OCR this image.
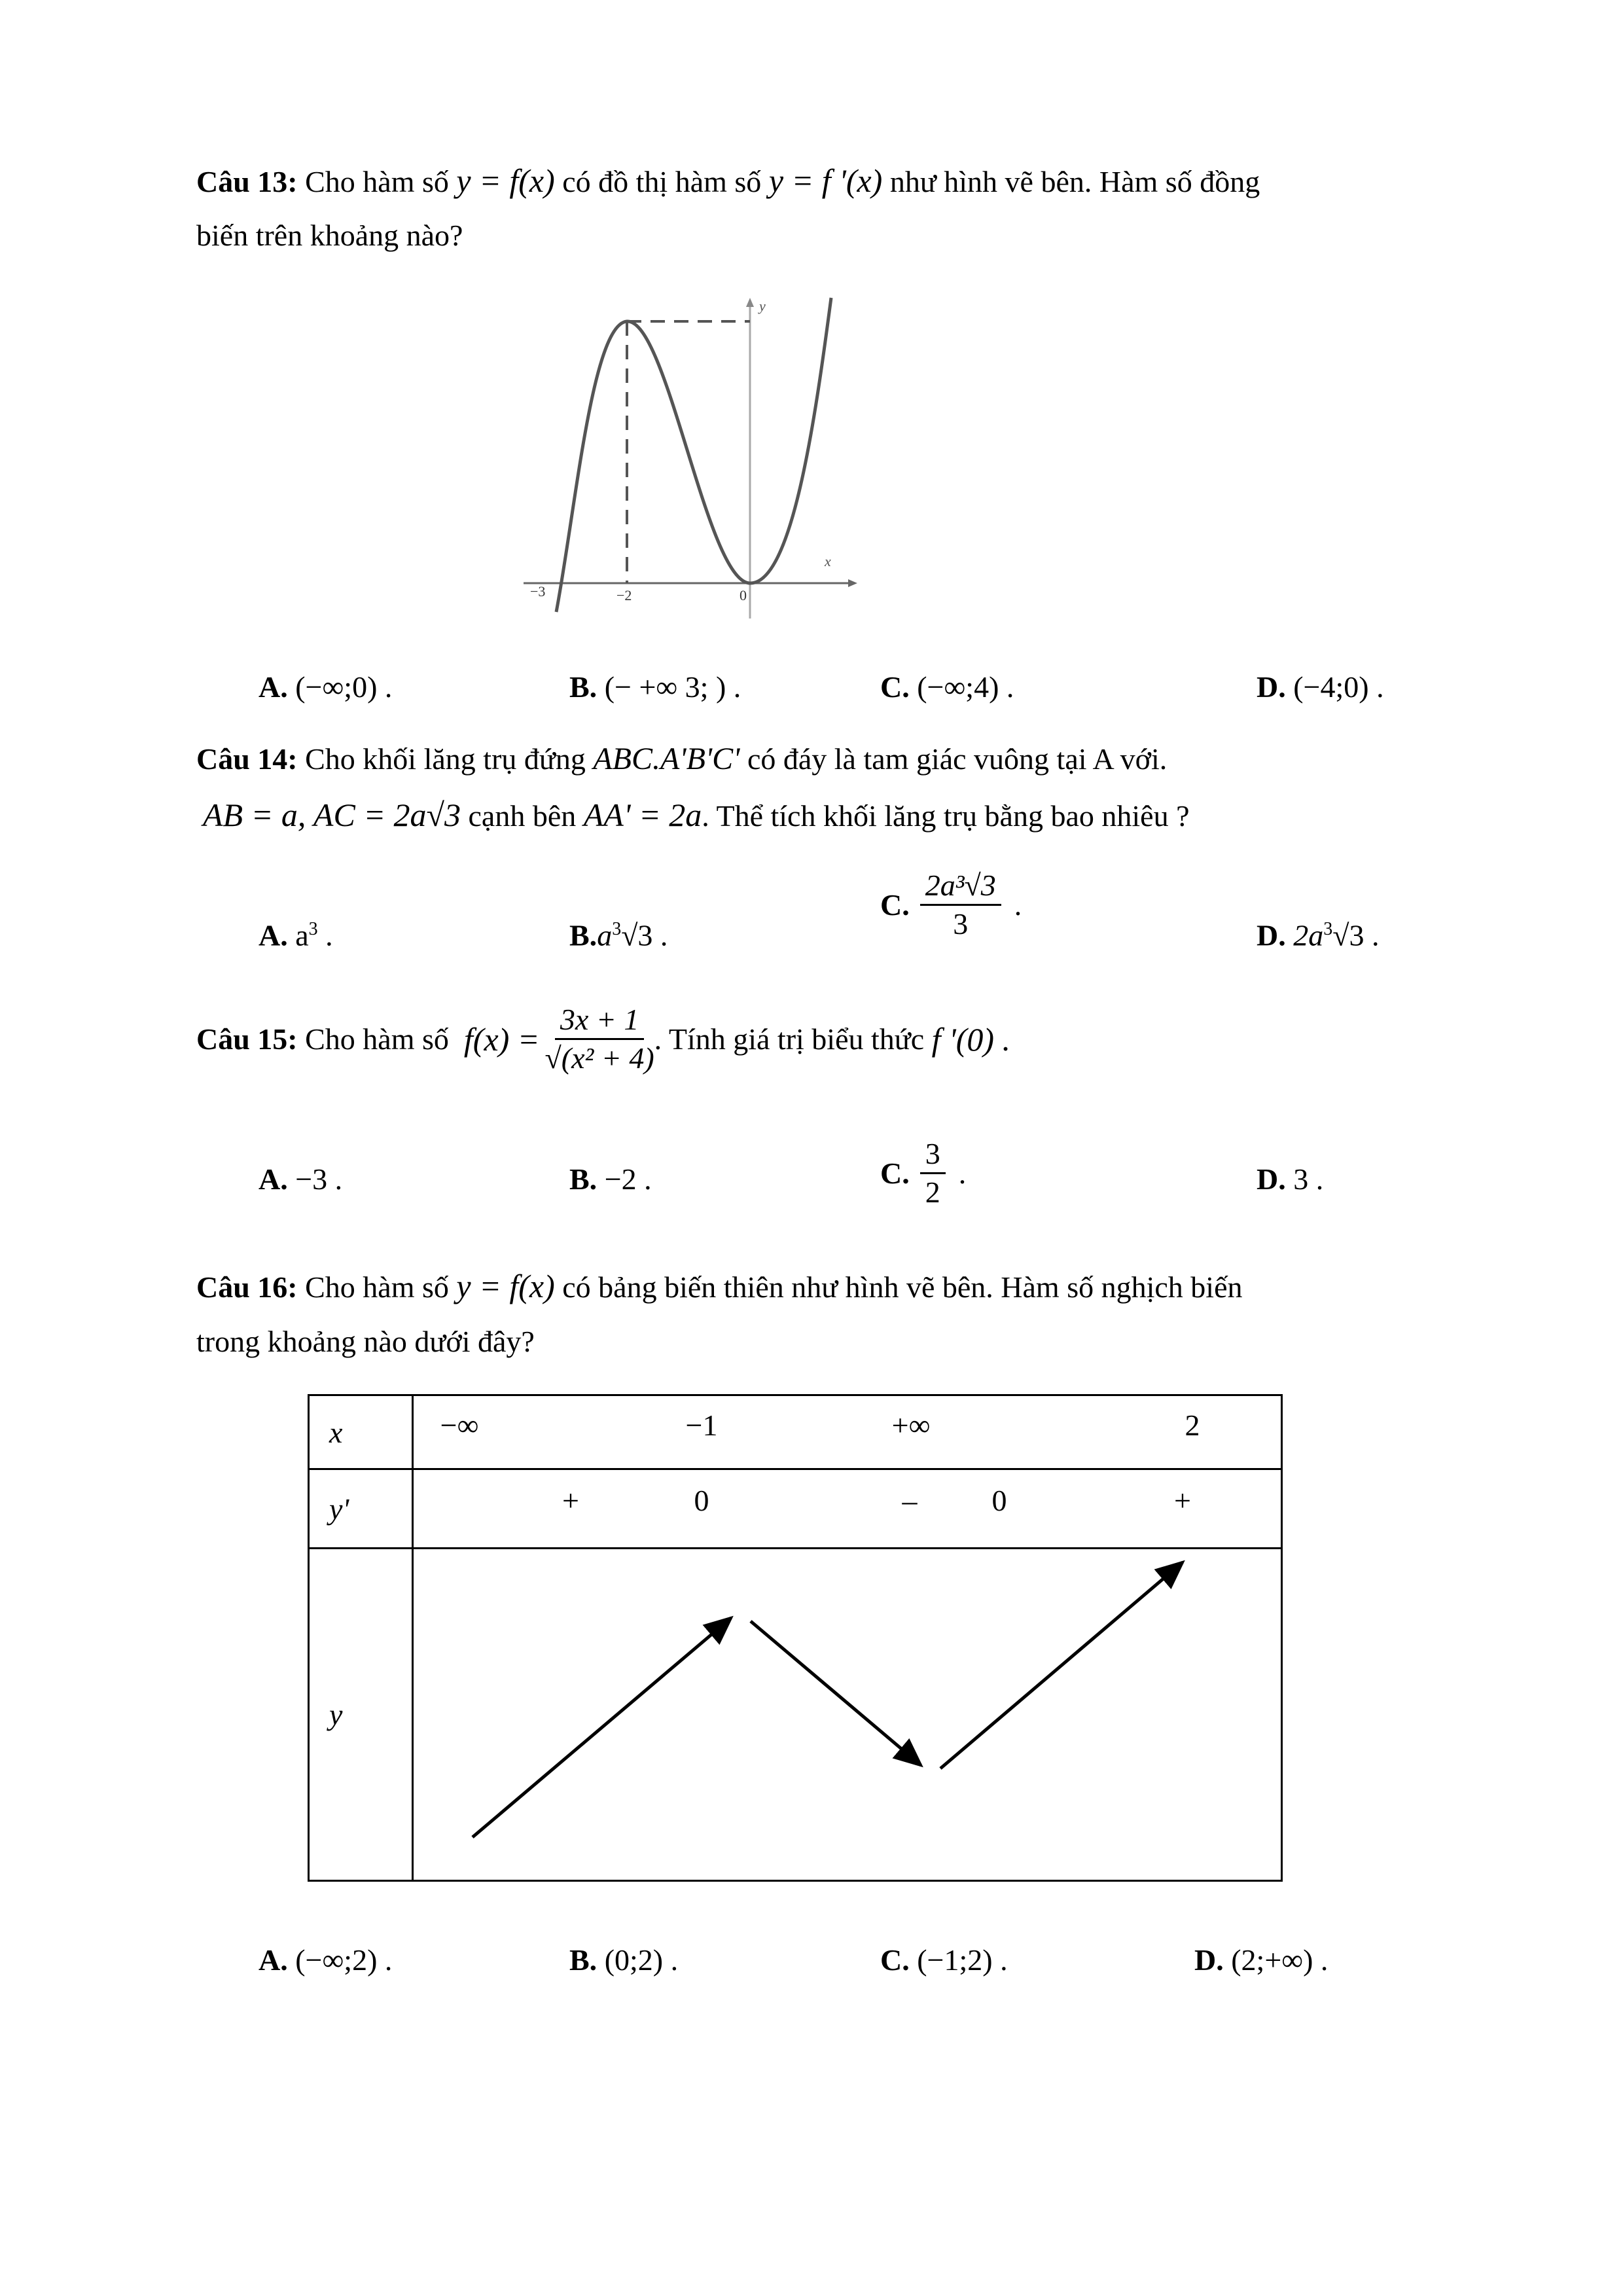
Câu 13: Cho hàm số y = f(x) có đồ thị hàm số y = f '(x) như hình vẽ bên. Hàm số đồng
biến trên khoảng nào?
x
y
−3	−2	0
A. (−∞;0) .	B. (− +∞ 3; ) .	C. (−∞;4) .	D. (−4;0) .
Câu 14: Cho khối lăng trụ đứng ABC.A'B'C' có đáy là tam giác vuông tại A với.
AB = a, AC = 2a√3 cạnh bên AA' = 2a. Thể tích khối lăng trụ bằng bao nhiêu ?
A. $a^3$ .	$B.a^3√3$ .
C. $\frac{\text{2a³√3}}{3}$ .
D. $2a^3√3$ .
Câu 15:
Cho hàm số
$f(x) = \frac{3x + 1}{\text{√(x² + 4)}}$ . Tính giá trị biểu thức
f '(0) .
A. −3 .	B. −2 .	C. $\frac{3}{2}$ .	D. 3 .
Câu 16: Cho hàm số y = f(x) có bảng biến thiên như hình vẽ bên. Hàm số nghịch biến
trong khoảng nào dưới đây?
x	−∞ −1 +∞ 2

y'	+ 0 – 0 +

y	
A. (−∞;2) .	B. (0;2) .	C. (−1;2) .	D. (2;+∞) .
